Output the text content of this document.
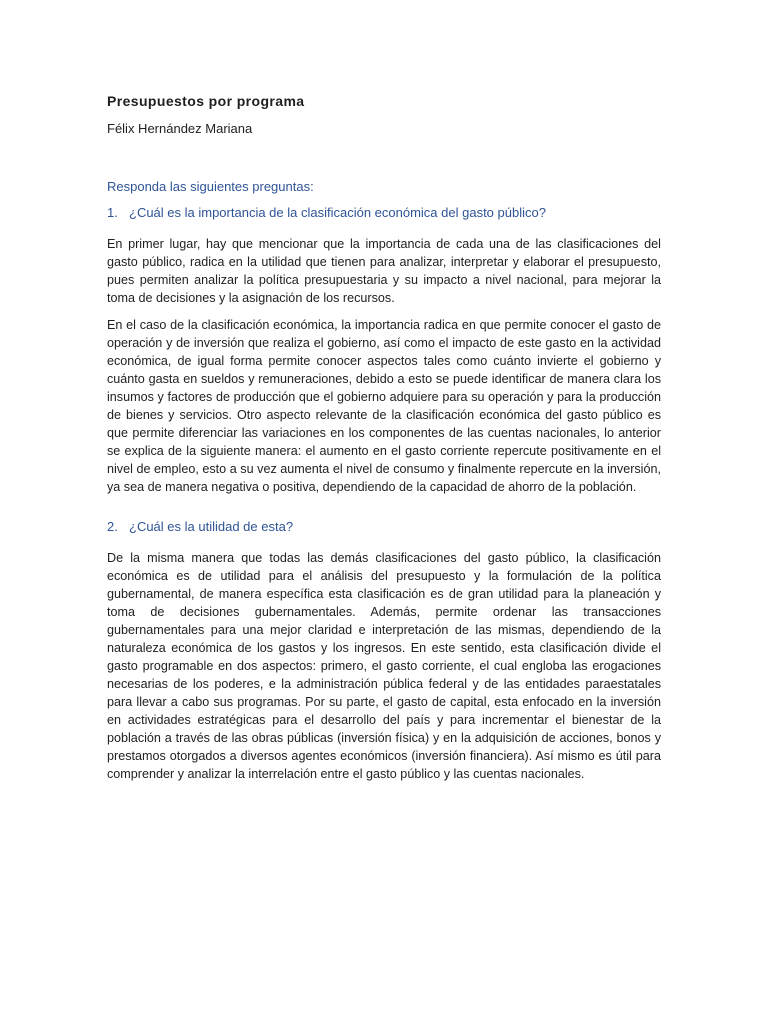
Presupuestos por programa
Félix Hernández Mariana
Responda las siguientes preguntas:
1. ¿Cuál es la importancia de la clasificación económica del gasto público?

En primer lugar, hay que mencionar que la importancia de cada una de las clasificaciones del gasto público, radica en la utilidad que tienen para analizar, interpretar y elaborar el presupuesto, pues permiten analizar la política presupuestaria y su impacto a nivel nacional, para mejorar la toma de decisiones y la asignación de los recursos.

En el caso de la clasificación económica, la importancia radica en que permite conocer el gasto de operación y de inversión que realiza el gobierno, así como el impacto de este gasto en la actividad económica, de igual forma permite conocer aspectos tales como cuánto invierte el gobierno y cuánto gasta en sueldos y remuneraciones, debido a esto se puede identificar de manera clara los insumos y factores de producción que el gobierno adquiere para su operación y para la producción de bienes y servicios. Otro aspecto relevante de la clasificación económica del gasto público es que permite diferenciar las variaciones en los componentes de las cuentas nacionales, lo anterior se explica de la siguiente manera: el aumento en el gasto corriente repercute positivamente en el nivel de empleo, esto a su vez aumenta el nivel de consumo y finalmente repercute en la inversión, ya sea de manera negativa o positiva, dependiendo de la capacidad de ahorro de la población.

2. ¿Cuál es la utilidad de esta?

De la misma manera que todas las demás clasificaciones del gasto público, la clasificación económica es de utilidad para el análisis del presupuesto y la formulación de la política gubernamental, de manera específica esta clasificación es de gran utilidad para la planeación y toma de decisiones gubernamentales. Además, permite ordenar las transacciones gubernamentales para una mejor claridad e interpretación de las mismas, dependiendo de la naturaleza económica de los gastos y los ingresos. En este sentido, esta clasificación divide el gasto programable en dos aspectos: primero, el gasto corriente, el cual engloba las erogaciones necesarias de los poderes, e la administración pública federal y de las entidades paraestatales para llevar a cabo sus programas. Por su parte, el gasto de capital, esta enfocado en la inversión en actividades estratégicas para el desarrollo del país y para incrementar el bienestar de la población a través de las obras públicas (inversión física) y en la adquisición de acciones, bonos y prestamos otorgados a diversos agentes económicos (inversión financiera). Así mismo es útil para comprender y analizar la interrelación entre el gasto público y las cuentas nacionales.
